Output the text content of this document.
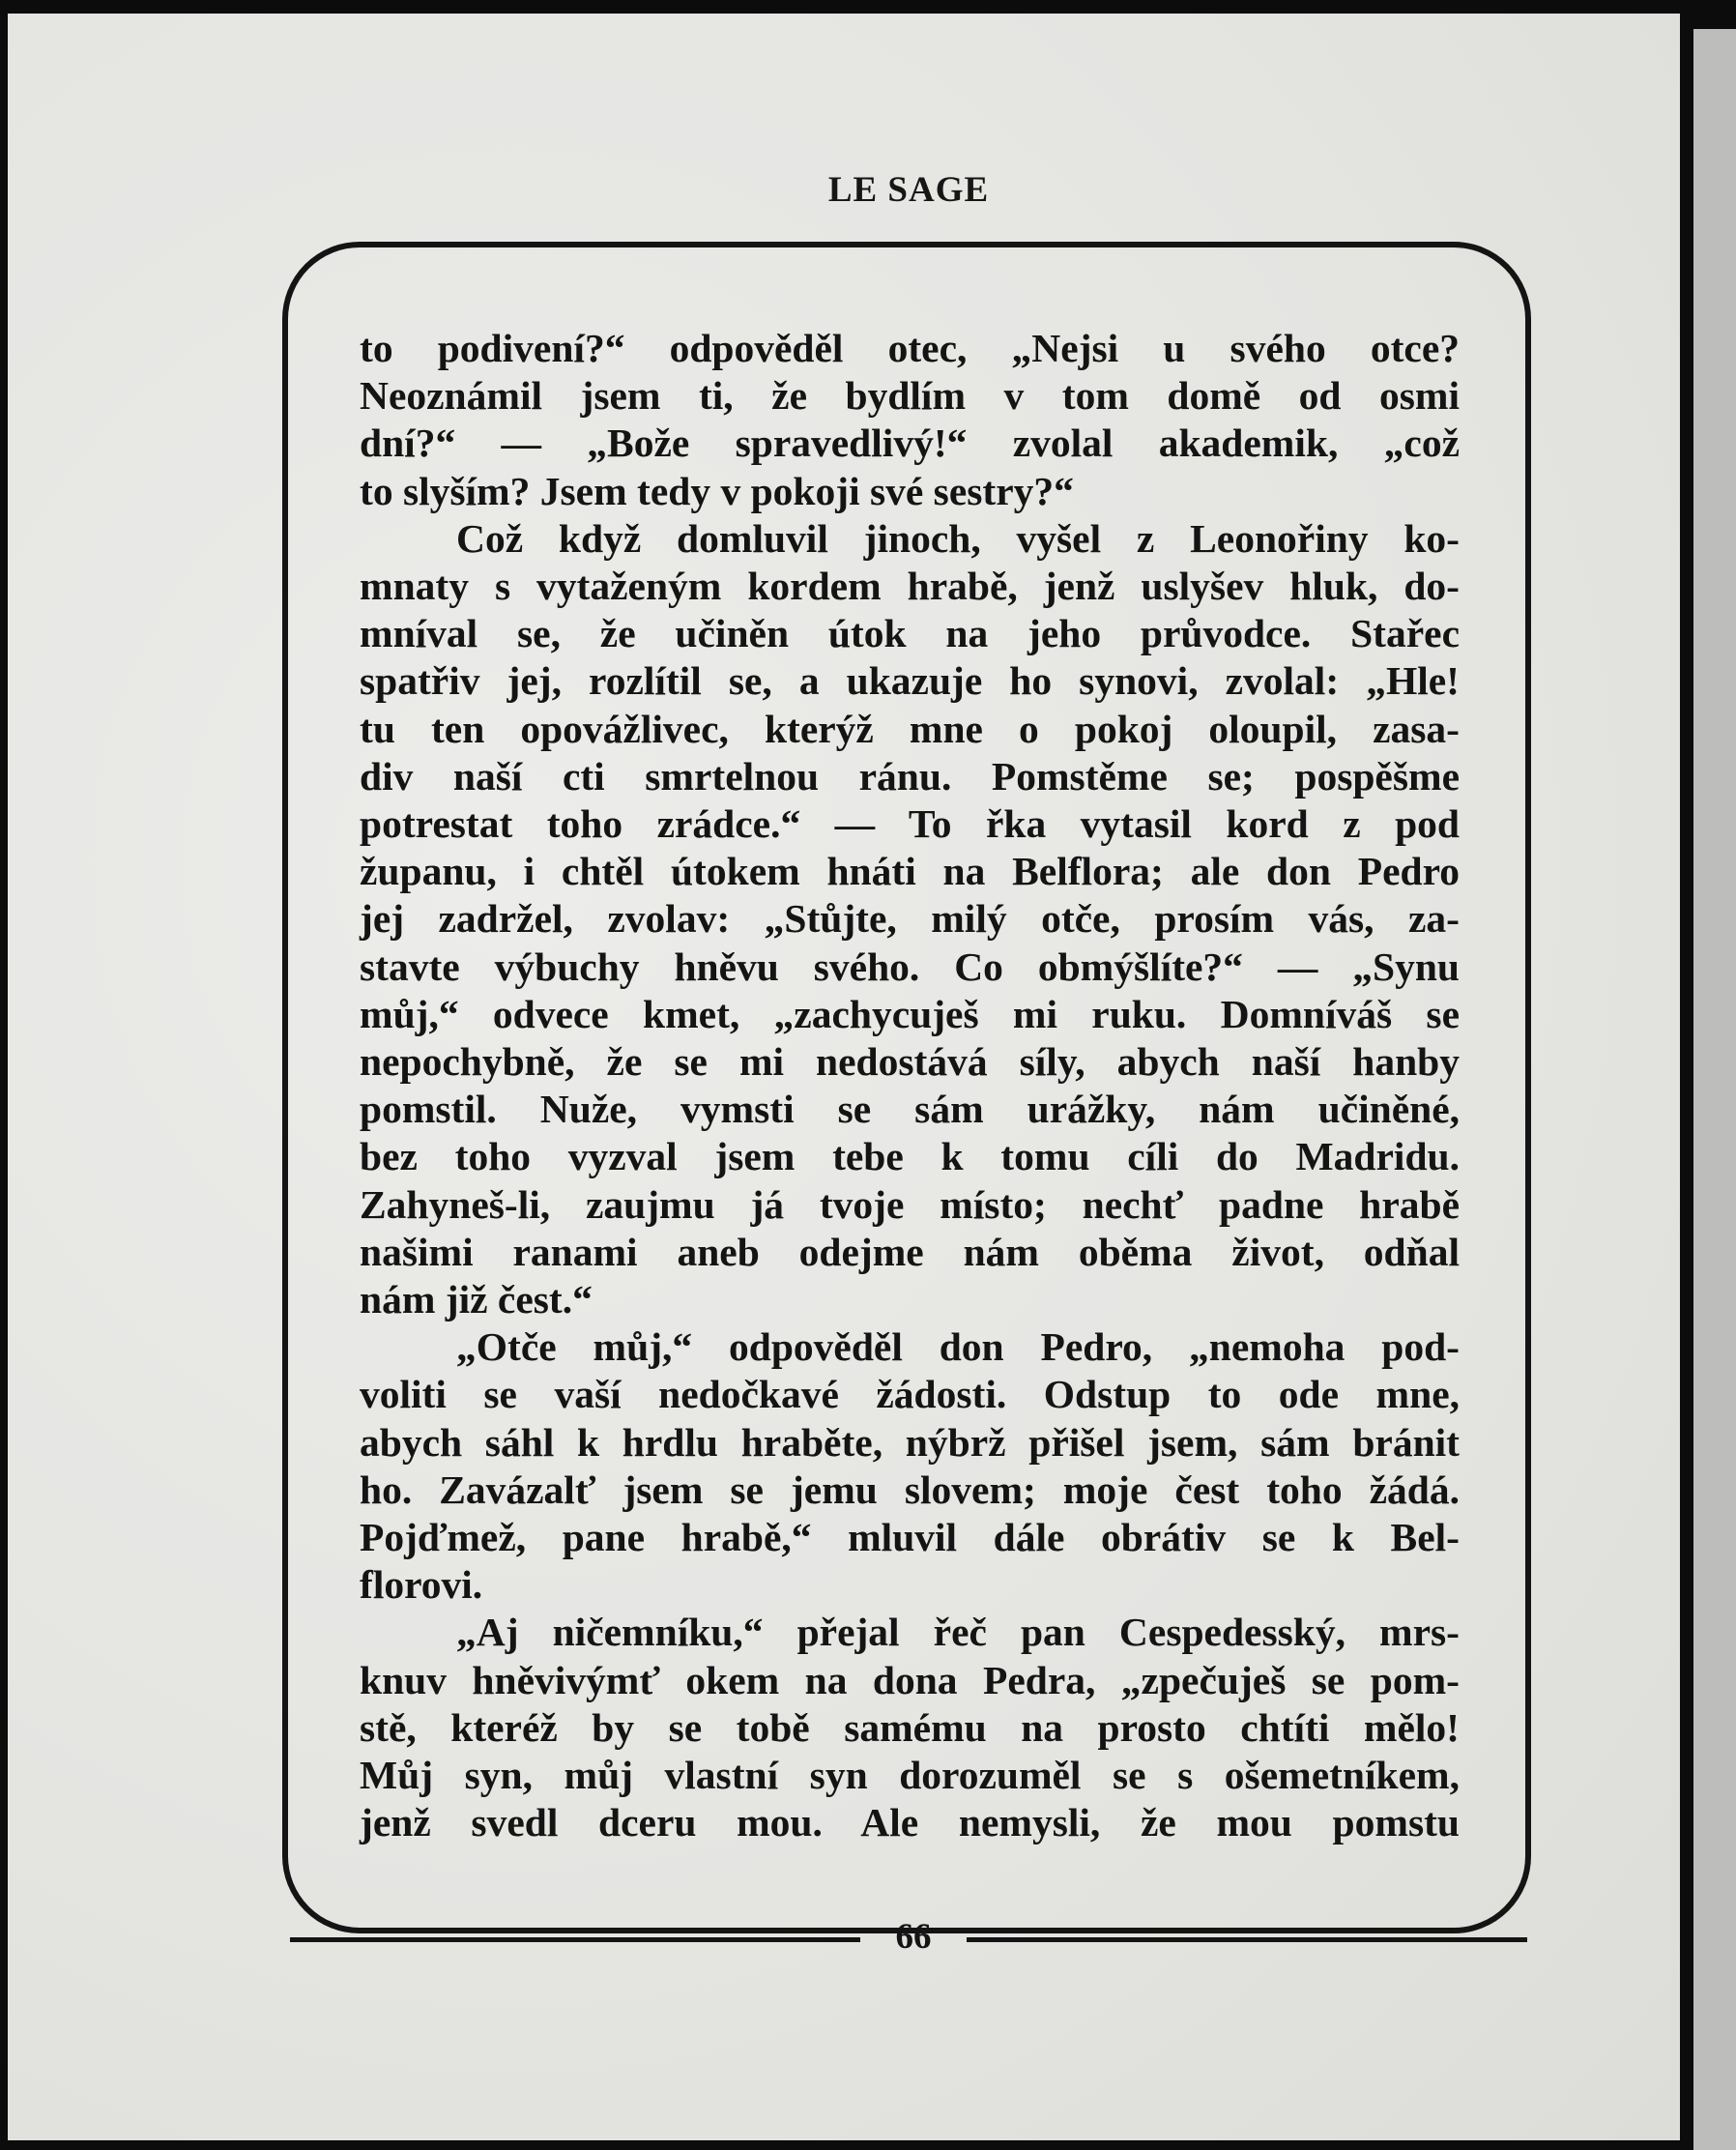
LE SAGE
to podivení?“ odpověděl otec, „Nejsi u svého otce?
Neoznámil jsem ti, že bydlím v tom domě od osmi
dní?“ — „Bože spravedlivý!“ zvolal akademik, „což
to slyším? Jsem tedy v pokoji své sestry?“
Což když domluvil jinoch, vyšel z Leonořiny ko-
mnaty s vytaženým kordem hrabě, jenž uslyšev hluk, do-
mníval se, že učiněn útok na jeho průvodce. Stařec
spatřiv jej, rozlítil se, a ukazuje ho synovi, zvolal: „Hle!
tu ten opovážlivec, kterýž mne o pokoj oloupil, zasa-
div naší cti smrtelnou ránu. Pomstěme se; pospěšme
potrestat toho zrádce.“ — To řka vytasil kord z pod
županu, i chtěl útokem hnáti na Belflora; ale don Pedro
jej zadržel, zvolav: „Stůjte, milý otče, prosím vás, za-
stavte výbuchy hněvu svého. Co obmýšlíte?“ — „Synu
můj,“ odvece kmet, „zachycuješ mi ruku. Domníváš se
nepochybně, že se mi nedostává síly, abych naší hanby
pomstil. Nuže, vymsti se sám urážky, nám učiněné,
bez toho vyzval jsem tebe k tomu cíli do Madridu.
Zahyneš-li, zaujmu já tvoje místo; nechť padne hrabě
našimi ranami aneb odejme nám oběma život, odňal
nám již čest.“
„Otče můj,“ odpověděl don Pedro, „nemoha pod-
voliti se vaší nedočkavé žádosti. Odstup to ode mne,
abych sáhl k hrdlu hraběte, nýbrž přišel jsem, sám bránit
ho. Zavázalť jsem se jemu slovem; moje čest toho žádá.
Pojďmež, pane hrabě,“ mluvil dále obrátiv se k Bel-
florovi.
„Aj ničemníku,“ přejal řeč pan Cespedesský, mrs-
knuv hněvivýmť okem na dona Pedra, „zpečuješ se pom-
stě, kteréž by se tobě samému na prosto chtíti mělo!
Můj syn, můj vlastní syn dorozuměl se s ošemetníkem,
jenž svedl dceru mou. Ale nemysli, že mou pomstu
66
